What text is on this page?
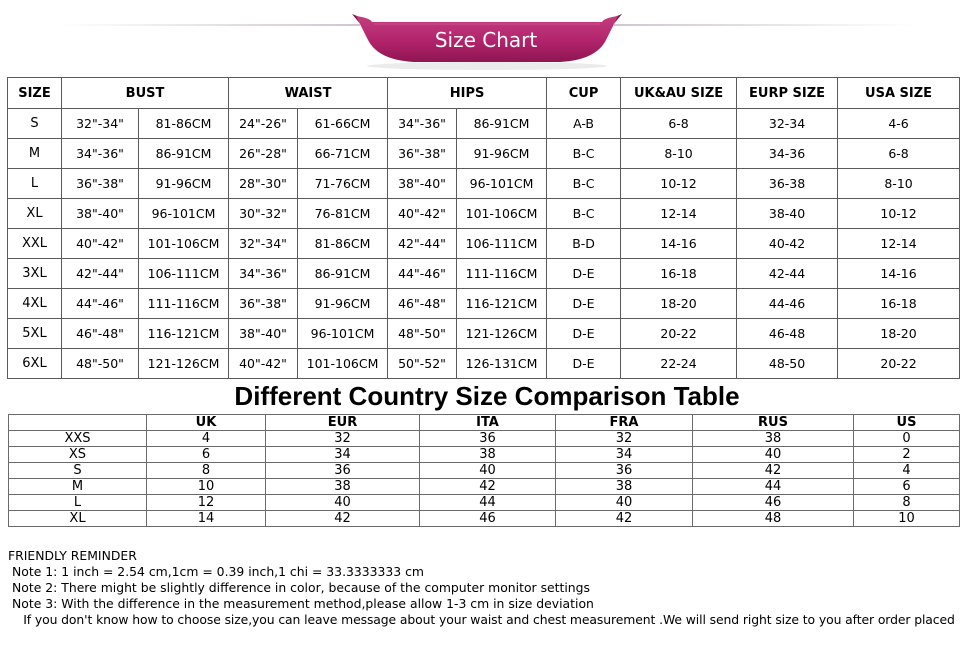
Size Chart
SIZE	BUST		WAIST		HIPS		CUP	UK&AU SIZE	EURP SIZE	USA SIZE
S	32"-34"	81-86CM	24"-26"	61-66CM	34"-36"	86-91CM	A-B	6-8	32-34	4-6
M	34"-36"	86-91CM	26"-28"	66-71CM	36"-38"	91-96CM	B-C	8-10	34-36	6-8
L	36"-38"	91-96CM	28"-30"	71-76CM	38"-40"	96-101CM	B-C	10-12	36-38	8-10
XL	38"-40"	96-101CM	30"-32"	76-81CM	40"-42"	101-106CM	B-C	12-14	38-40	10-12
XXL	40"-42"	101-106CM	32"-34"	81-86CM	42"-44"	106-111CM	B-D	14-16	40-42	12-14
3XL	42"-44"	106-111CM	34"-36"	86-91CM	44"-46"	111-116CM	D-E	16-18	42-44	14-16
4XL	44"-46"	111-116CM	36"-38"	91-96CM	46"-48"	116-121CM	D-E	18-20	44-46	16-18
5XL	46"-48"	116-121CM	38"-40"	96-101CM	48"-50"	121-126CM	D-E	20-22	46-48	18-20
6XL	48"-50"	121-126CM	40"-42"	101-106CM	50"-52"	126-131CM	D-E	22-24	48-50	20-22
Different Country Size Comparison Table
	UK	EUR	ITA	FRA	RUS	US
XXS	4	32	36	32	38	0
XS	6	34	38	34	40	2
S	8	36	40	36	42	4
M	10	38	42	38	44	6
L	12	40	44	40	46	8
XL	14	42	46	42	48	10
FRIENDLY REMINDER
Note 1: 1 inch = 2.54 cm,1cm = 0.39 inch,1 chi = 33.3333333 cm
Note 2: There might be slightly difference in color, because of the computer monitor settings
Note 3: With the difference in the measurement method,please allow 1-3 cm in size deviation
If you don't know how to choose size,you can leave message about your waist and chest measurement .We will send right size to you after order placed
